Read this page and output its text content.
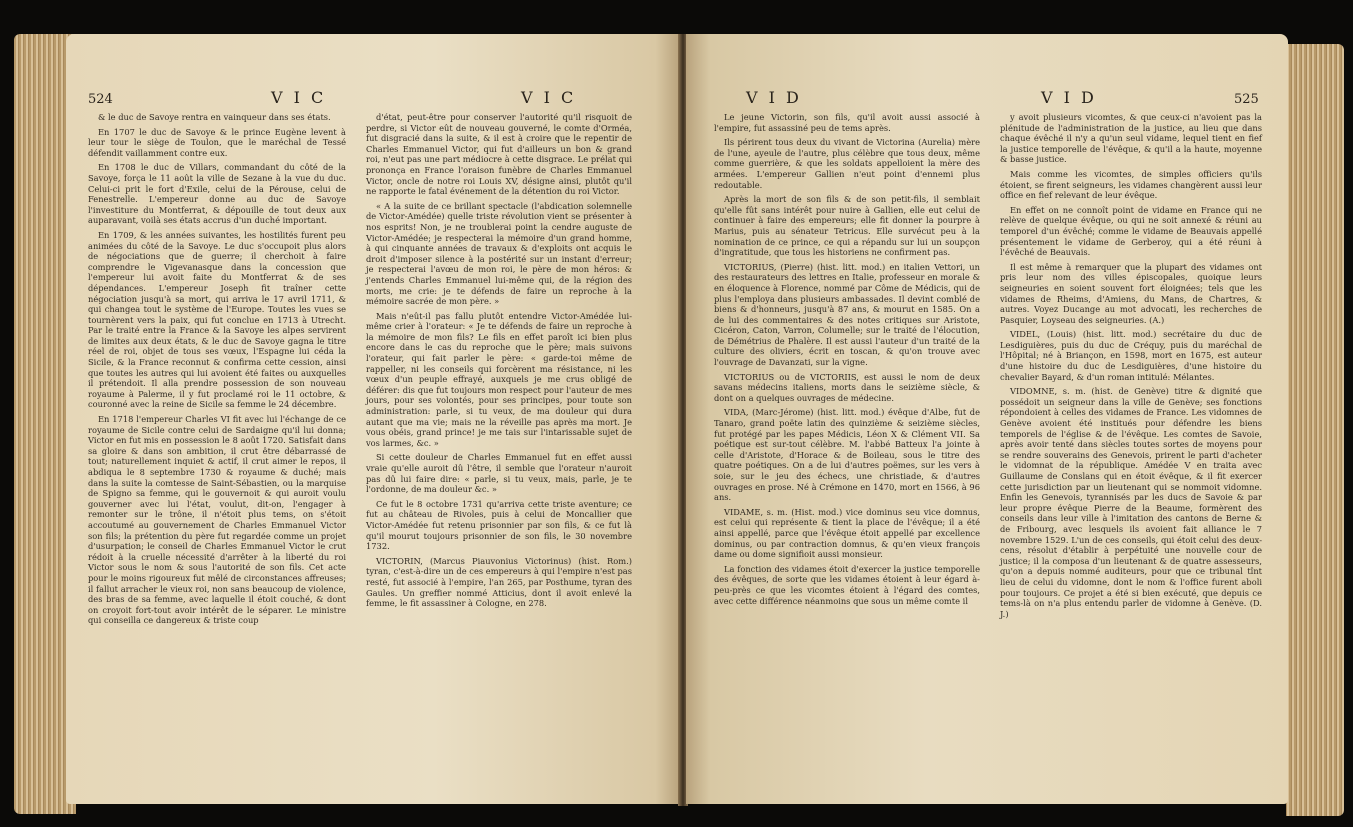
524	V I C	V I C

& le duc de Savoye rentra en vainqueur dans ses états.

En 1707 le duc de Savoye & le prince Eugène levent à leur tour le siège de Toulon, que le maréchal de Tessé défendit vaillamment contre eux.

En 1708 le duc de Villars, commandant du côté de la Savoye, força le 11 août la ville de Sezane à la vue du duc. Celui-ci prit le fort d'Exile, celui de la Pérouse, celui de Fenestrelle. L'empereur donne au duc de Savoye l'investiture du Montferrat, & dépouille de tout deux aux auparavant, voilà ses états accrus d'un duché important.

En 1709, & les années suivantes, les hostilités furent peu animées du côté de la Savoye. Le duc s'occupoit plus alors de négociations que de guerre; il cherchoit à faire comprendre le Vigevanasque dans la concession que l'empereur lui avoit faite du Montferrat & de ses dépendances. L'empereur Joseph fit traîner cette négociation jusqu'à sa mort, qui arriva le 17 avril 1711, & qui changea tout le système de l'Europe. Toutes les vues se tournèrent vers la paix, qui fut conclue en 1713 à Utrecht. Par le traité entre la France & la Savoye les alpes servirent de limites aux deux états, & le duc de Savoye gagna le titre réel de roi, objet de tous ses vœux, l'Espagne lui céda la Sicile, & la France reconnut & confirma cette cession, ainsi que toutes les autres qui lui avoient été faites ou auxquelles il prétendoit. Il alla prendre possession de son nouveau royaume à Palerme, il y fut proclamé roi le 11 octobre, & couronné avec la reine de Sicile sa femme le 24 décembre.

En 1718 l'empereur Charles VI fit avec lui l'échange de ce royaume de Sicile contre celui de Sardaigne qu'il lui donna; Victor en fut mis en possession le 8 août 1720. Satisfait dans sa gloire & dans son ambition, il crut être débarrassé de tout; naturellement inquiet & actif, il crut aimer le repos, il abdiqua le 8 septembre 1730 & royaume & duché; mais dans la suite la comtesse de Saint-Sébastien, ou la marquise de Spigno sa femme, qui le gouvernoit & qui auroit voulu gouverner avec lui l'état, voulut, dit-on, l'engager à remonter sur le trône, il n'étoit plus tems, on s'étoit accoutumé au gouvernement de Charles Emmanuel Victor son fils; la prétention du père fut regardée comme un projet d'usurpation; le conseil de Charles Emmanuel Victor le crut rédoit à la cruelle nécessité d'arrêter à la liberté du roi Victor sous le nom & sous l'autorité de son fils. Cet acte pour le moins rigoureux fut mêlé de circonstances affreuses; il fallut arracher le vieux roi, non sans beaucoup de violence, des bras de sa femme, avec laquelle il étoit couché, & dont on croyoit fort-tout avoir intérêt de le séparer. Le ministre qui conseilla ce dangereux & triste coup

d'état, peut-être pour conserver l'autorité qu'il risquoit de perdre, si Victor eût de nouveau gouverné, le comte d'Orméa, fut disgracié dans la suite, & il est à croire que le repentir de Charles Emmanuel Victor, qui fut d'ailleurs un bon & grand roi, n'eut pas une part médiocre à cette disgrace. Le prélat qui prononça en France l'oraison funèbre de Charles Emmanuel Victor, oncle de notre roi Louis XV, désigne ainsi, plutôt qu'il ne rapporte le fatal événement de la détention du roi Victor.

« A la suite de ce brillant spectacle (l'abdication solemnelle de Victor-Amédée) quelle triste révolution vient se présenter à nos esprits! Non, je ne troublerai point la cendre auguste de Victor-Amédée; je respecterai la mémoire d'un grand homme, à qui cinquante années de travaux & d'exploits ont acquis le droit d'imposer silence à la postérité sur un instant d'erreur; je respecterai l'avœu de mon roi, le père de mon héros: & j'entends Charles Emmanuel lui-même qui, de la région des morts, me crie: je te défends de faire un reproche à la mémoire sacrée de mon père. »

Mais n'eût-il pas fallu plutôt entendre Victor-Amédée lui-même crier à l'orateur: « Je te défends de faire un reproche à la mémoire de mon fils? Le fils en effet paroît ici bien plus encore dans le cas du reproche que le père; mais suivons l'orateur, qui fait parler le père: « garde-toi même de rappeller, ni les conseils qui forcèrent ma résistance, ni les vœux d'un peuple effrayé, auxquels je me crus obligé de déférer: dis que fut toujours mon respect pour l'auteur de mes jours, pour ses volontés, pour ses principes, pour toute son administration: parle, si tu veux, de ma douleur qui dura autant que ma vie; mais ne la réveille pas après ma mort. Je vous obéis, grand prince! je me tais sur l'intarissable sujet de vos larmes, &c. »

Si cette douleur de Charles Emmanuel fut en effet aussi vraie qu'elle auroit dû l'être, il semble que l'orateur n'auroit pas dû lui faire dire: « parle, si tu veux, mais, parle, je te l'ordonne, de ma douleur &c. »

Ce fut le 8 octobre 1731 qu'arriva cette triste aventure; ce fut au château de Rivoles, puis à celui de Moncallier que Victor-Amédée fut retenu prisonnier par son fils, & ce fut là qu'il mourut toujours prisonnier de son fils, le 30 novembre 1732.

VICTORIN, (Marcus Piauvonius Victorinus) (hist. Rom.) tyran, c'est-à-dire un de ces empereurs à qui l'empire n'est pas resté, fut associé à l'empire, l'an 265, par Posthume, tyran des Gaules. Un greffier nommé Atticius, dont il avoit enlevé la femme, le fit assassiner à Cologne, en 278.

V I D	V I D	525

Le jeune Victorin, son fils, qu'il avoit aussi associé à l'empire, fut assassiné peu de tems après.

Ils périrent tous deux du vivant de Victorina (Aurelia) mère de l'une, ayeule de l'autre, plus célèbre que tous deux, même comme guerrière, & que les soldats appelloient la mère des armées. L'empereur Gallien n'eut point d'ennemi plus redoutable.

Après la mort de son fils & de son petit-fils, il semblait qu'elle fût sans intérêt pour nuire à Gallien, elle eut celui de continuer à faire des empereurs; elle fit donner la pourpre à Marius, puis au sénateur Tetricus. Elle survécut peu à la nomination de ce prince, ce qui a répandu sur lui un soupçon d'ingratitude, que tous les historiens ne confirment pas.

VICTORIUS, (Pierre) (hist. litt. mod.) en italien Vettori, un des restaurateurs des lettres en Italie, professeur en morale & en éloquence à Florence, nommé par Côme de Médicis, qui de plus l'employa dans plusieurs ambassades. Il devint comblé de biens & d'honneurs, jusqu'à 87 ans, & mourut en 1585. On a de lui des commentaires & des notes critiques sur Aristote, Cicéron, Caton, Varron, Columelle; sur le traité de l'élocution, de Démétrius de Phalère. Il est aussi l'auteur d'un traité de la culture des oliviers, écrit en toscan, & qu'on trouve avec l'ouvrage de Davanzati, sur la vigne.

VICTORIUS ou de VICTORIIS, est aussi le nom de deux savans médecins italiens, morts dans le seizième siècle, & dont on a quelques ouvrages de médecine.

VIDA, (Marc-Jérome) (hist. litt. mod.) évêque d'Albe, fut de Tanaro, grand poëte latin des quinzième & seizième siècles, fut protégé par les papes Médicis, Léon X & Clément VII. Sa poétique est sur-tout célèbre. M. l'abbé Batteux l'a jointe à celle d'Aristote, d'Horace & de Boileau, sous le titre des quatre poétiques. On a de lui d'autres poëmes, sur les vers à soie, sur le jeu des échecs, une christiade, & d'autres ouvrages en prose. Né à Crémone en 1470, mort en 1566, à 96 ans.

VIDAME, s. m. (Hist. mod.) vice dominus seu vice domnus, est celui qui représente & tient la place de l'évêque; il a été ainsi appellé, parce que l'évêque étoit appellé par excellence dominus, ou par contraction domnus, & qu'en vieux françois dame ou dome signifioit aussi monsieur.

La fonction des vidames étoit d'exercer la justice temporelle des évêques, de sorte que les vidames étoient à leur égard à-peu-près ce que les vicomtes étoient à l'égard des comtes, avec cette différence néanmoins que sous un même comte il

y avoit plusieurs vicomtes, & que ceux-ci n'avoient pas la plénitude de l'administration de la justice, au lieu que dans chaque évêché il n'y a qu'un seul vidame, lequel tient en fief la justice temporelle de l'évêque, & qu'il a la haute, moyenne & basse justice.

Mais comme les vicomtes, de simples officiers qu'ils étoient, se firent seigneurs, les vidames changèrent aussi leur office en fief relevant de leur évêque.

En effet on ne connoît point de vidame en France qui ne relève de quelque évêque, ou qui ne soit annexé & réuni au temporel d'un évêché; comme le vidame de Beauvais appellé présentement le vidame de Gerberoy, qui a été réuni à l'évêché de Beauvais.

Il est même à remarquer que la plupart des vidames ont pris leur nom des villes épiscopales, quoique leurs seigneuries en soient souvent fort éloignées; tels que les vidames de Rheims, d'Amiens, du Mans, de Chartres, & autres. Voyez Ducange au mot advocati, les recherches de Pasquier, Loyseau des seigneuries. (A.)

VIDEL, (Louis) (hist. litt. mod.) secrétaire du duc de Lesdiguières, puis du duc de Créquy, puis du maréchal de l'Hôpital; né à Briançon, en 1598, mort en 1675, est auteur d'une histoire du duc de Lesdiguières, d'une histoire du chevalier Bayard, & d'un roman intitulé: Mélantes.

VIDOMNE, s. m. (hist. de Genève) titre & dignité que possédoit un seigneur dans la ville de Genève; ses fonctions répondoient à celles des vidames de France. Les vidomnes de Genève avoient été institués pour défendre les biens temporels de l'église & de l'évêque. Les comtes de Savoie, après avoir tenté dans siècles toutes sortes de moyens pour se rendre souverains des Genevois, prirent le parti d'acheter le vidomnat de la république. Amédée V en traita avec Guillaume de Conslans qui en étoit évêque, & il fit exercer cette jurisdiction par un lieutenant qui se nommoit vidomne. Enfin les Genevois, tyrannisés par les ducs de Savoie & par leur propre évêque Pierre de la Beaume, formèrent des conseils dans leur ville à l'imitation des cantons de Berne & de Fribourg, avec lesquels ils avoient fait alliance le 7 novembre 1529. L'un de ces conseils, qui étoit celui des deux-cens, résolut d'établir à perpétuité une nouvelle cour de justice; il la composa d'un lieutenant & de quatre assesseurs, qu'on a depuis nommé auditeurs, pour que ce tribunal tînt lieu de celui du vidomne, dont le nom & l'office furent aboli pour toujours. Ce projet a été si bien exécuté, que depuis ce tems-là on n'a plus entendu parler de vidomne à Genève. (D. J.)
